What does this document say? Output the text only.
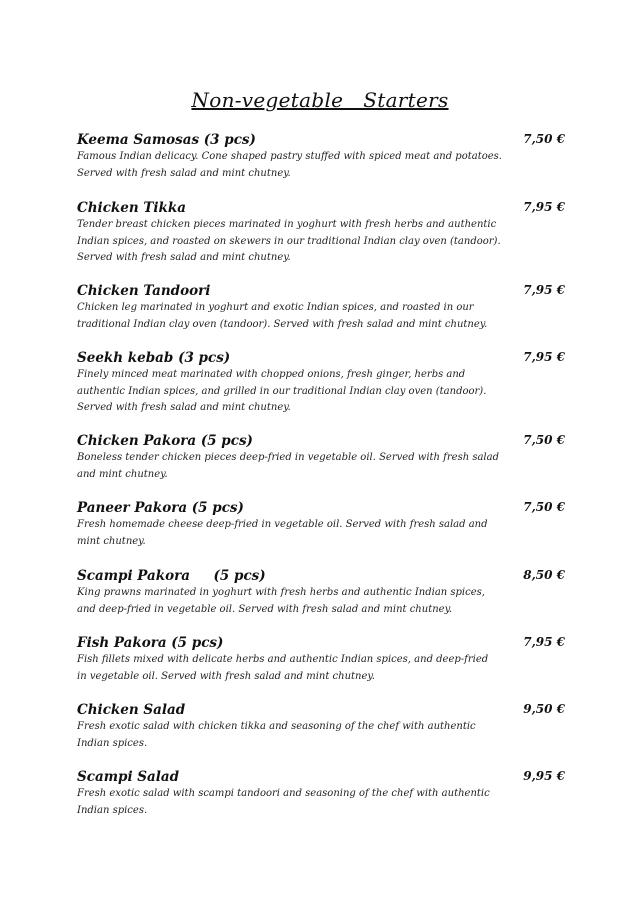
Non-vegetable   Starters
Keema Samosas (3 pcs)	7,50 €
Famous Indian delicacy. Cone shaped pastry stuffed with spiced meat and potatoes.
Served with fresh salad and mint chutney.
Chicken Tikka	7,95 €
Tender breast chicken pieces marinated in yoghurt with fresh herbs and authentic
Indian spices, and roasted on skewers in our traditional Indian clay oven (tandoor).
Served with fresh salad and mint chutney.
Chicken Tandoori	7,95 €
Chicken leg marinated in yoghurt and exotic Indian spices, and roasted in our
traditional Indian clay oven (tandoor). Served with fresh salad and mint chutney.
Seekh kebab (3 pcs)	7,95 €
Finely minced meat marinated with chopped onions, fresh ginger, herbs and
authentic Indian spices, and grilled in our traditional Indian clay oven (tandoor).
Served with fresh salad and mint chutney.
Chicken Pakora (5 pcs)	7,50 €
Boneless tender chicken pieces deep-fried in vegetable oil. Served with fresh salad
and mint chutney.
Paneer Pakora (5 pcs)	7,50 €
Fresh homemade cheese deep-fried in vegetable oil. Served with fresh salad and
mint chutney.
Scampi Pakora     (5 pcs)	8,50 €
King prawns marinated in yoghurt with fresh herbs and authentic Indian spices,
and deep-fried in vegetable oil. Served with fresh salad and mint chutney.
Fish Pakora (5 pcs)	7,95 €
Fish fillets mixed with delicate herbs and authentic Indian spices, and deep-fried
in vegetable oil. Served with fresh salad and mint chutney.
Chicken Salad	9,50 €
Fresh exotic salad with chicken tikka and seasoning of the chef with authentic
Indian spices.
Scampi Salad	9,95 €
Fresh exotic salad with scampi tandoori and seasoning of the chef with authentic
Indian spices.
